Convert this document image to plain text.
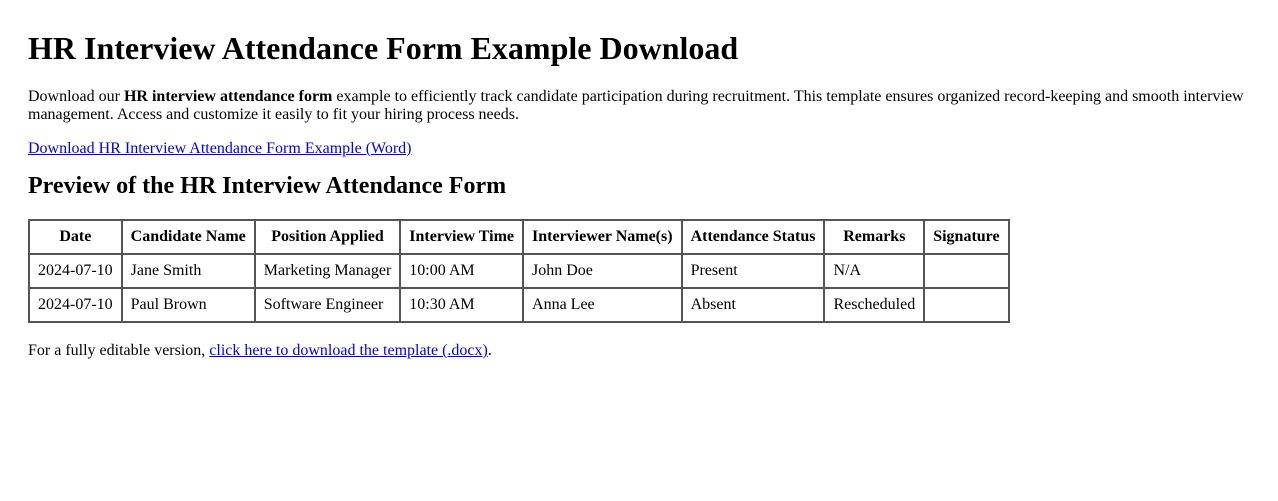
HR Interview Attendance Form Example Download

Download our HR interview attendance form example to efficiently track candidate participation during recruitment. This template ensures organized record-keeping and smooth interview management. Access and customize it easily to fit your hiring process needs.

Download HR Interview Attendance Form Example (Word)

Preview of the HR Interview Attendance Form
Date	Candidate Name	Position Applied	Interview Time	Interviewer Name(s)	Attendance Status	Remarks	Signature
2024-07-10	Jane Smith	Marketing Manager	10:00 AM	John Doe	Present	N/A	
2024-07-10	Paul Brown	Software Engineer	10:30 AM	Anna Lee	Absent	Rescheduled	

For a fully editable version, click here to download the template (.docx).
